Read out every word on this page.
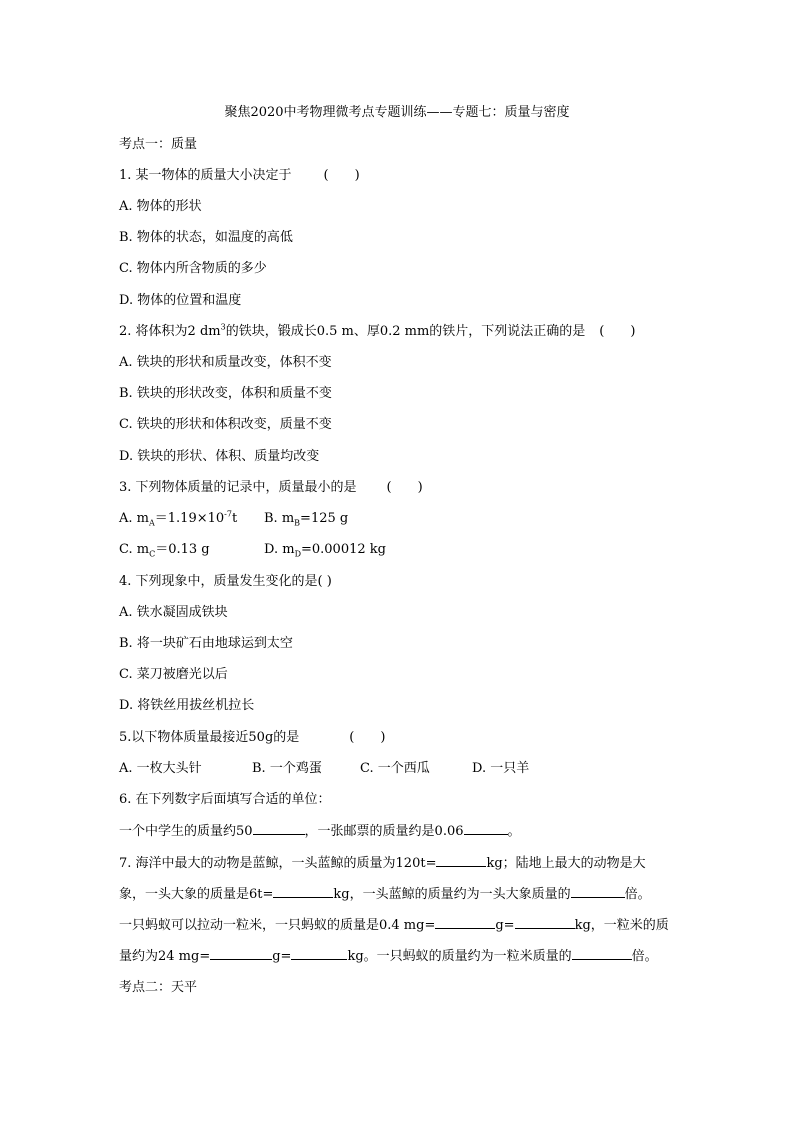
聚焦2020中考物理微考点专题训练——专题七：质量与密度
考点一：质量
1. 某一物体的质量大小决定于 (　　)
A. 物体的形状
B. 物体的状态，如温度的高低
C. 物体内所含物质的多少
D. 物体的位置和温度
2. 将体积为2 $dm^3$的铁块，锻成长0.5 m、厚0.2 mm的铁片，下列说法正确的是 (　　)
A. 铁块的形状和质量改变，体积不变
B. 铁块的形状改变，体积和质量不变
C. 铁块的形状和体积改变，质量不变
D. 铁块的形状、体积、质量均改变
3. 下列物体质量的记录中，质量最小的是 (　　)
A. $m_A=1.19\times 10^{-7}t$ B. $m_B=125$ g
C. $m_C=0.13$ g	D. $m_D=0.00012$ kg
4. 下列现象中，质量发生变化的是( )
A. 铁水凝固成铁块
B. 将一块矿石由地球运到太空
C. 菜刀被磨光以后
D. 将铁丝用拔丝机拉长
5.以下物体质量最接近50g的是	(　　)
A. 一枚大头针	B. 一个鸡蛋	C. 一个西瓜	D. 一只羊
6. 在下列数字后面填写合适的单位：
一个中学生的质量约50	，一张邮票的质量约是0.06	。
7. 海洋中最大的动物是蓝鲸，一头蓝鲸的质量为120t=	kg；陆地上最大的动物是大
象，一头大象的质量是6t=	kg，一头蓝鲸的质量约为一头大象质量的	倍。
一只蚂蚁可以拉动一粒米，一只蚂蚁的质量是0.4 mg=	g=	kg，一粒米的质
量约为24 mg=	g=	kg。一只蚂蚁的质量约为一粒米质量的	倍。
考点二：天平
